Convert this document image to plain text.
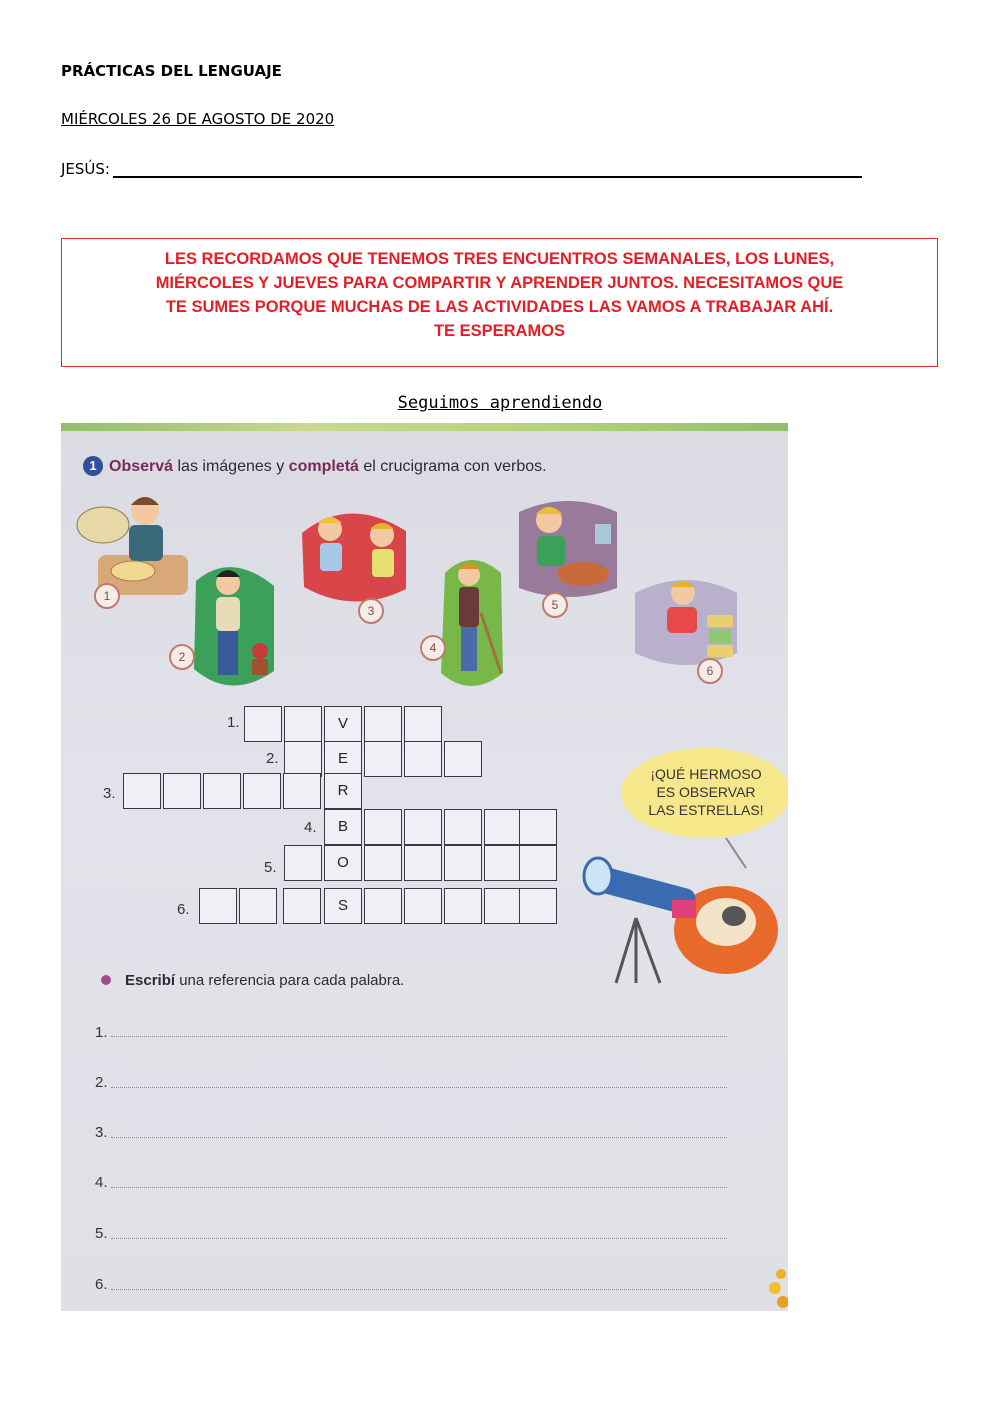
PRÁCTICAS DEL LENGUAJE
MIÉRCOLES 26 DE AGOSTO DE 2020
JESÚS:
LES RECORDAMOS QUE TENEMOS TRES ENCUENTROS SEMANALES, LOS LUNES,
MIÉRCOLES Y JUEVES PARA COMPARTIR Y APRENDER JUNTOS. NECESITAMOS QUE
TE SUMES PORQUE MUCHAS DE LAS ACTIVIDADES LAS VAMOS A TRABAJAR AHÍ.
TE ESPERAMOS
Seguimos aprendiendo
1 Observá las imágenes y completá el crucigrama con verbos.
1
2
3
4
5
6
1.	V
2.	E
3.	R
4.	B
5.	O
6.	S
¡QUÉ HERMOSO
ES OBSERVAR
LAS ESTRELLAS!
Escribí una referencia para cada palabra.
1.
2.
3.
4.
5.
6.
